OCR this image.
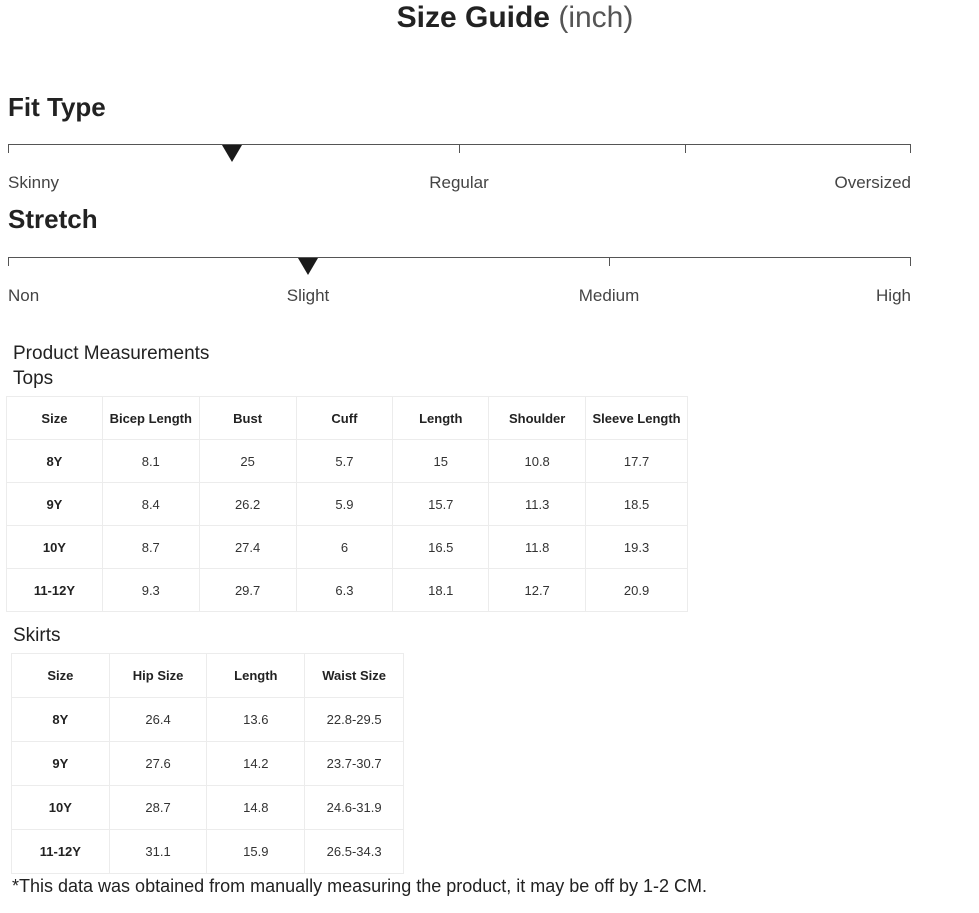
Size Guide (inch)
Fit Type
Skinny	Regular	Oversized
Stretch
Non	Slight	Medium	High
Product Measurements
Tops
Size	Bicep Length	Bust	Cuff	Length	Shoulder	Sleeve Length
8Y	8.1	25	5.7	15	10.8	17.7
9Y	8.4	26.2	5.9	15.7	11.3	18.5
10Y	8.7	27.4	6	16.5	11.8	19.3
11-12Y	9.3	29.7	6.3	18.1	12.7	20.9
Skirts
Size	Hip Size	Length	Waist Size
8Y	26.4	13.6	22.8-29.5
9Y	27.6	14.2	23.7-30.7
10Y	28.7	14.8	24.6-31.9
11-12Y	31.1	15.9	26.5-34.3
*This data was obtained from manually measuring the product, it may be off by 1-2 CM.
